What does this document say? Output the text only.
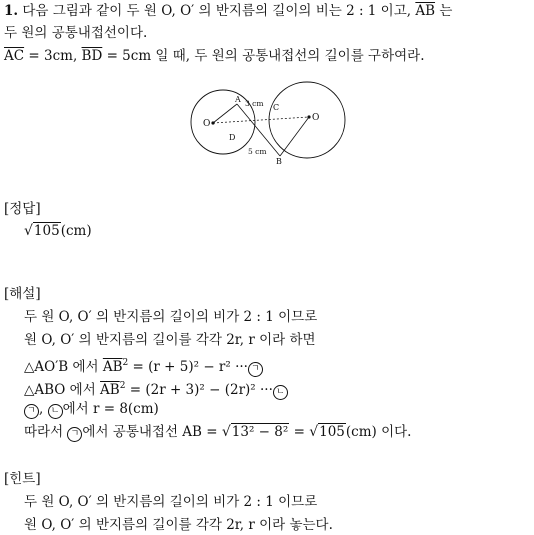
1. 다음 그림과 같이 두 원 O, O′ 의 반지름의 길이의 비는 2 : 1 이고, $\overline{AB}$ 는
두 원의 공통내접선이다.
$\overline{AC} = 3cm$, $\overline{BD} = 5cm$ 일 때, 두 원의 공통내접선의 길이를 구하여라.
O
O
A
B
C
D
3 cm
5 cm
[정답]
√105(cm)
[해설]
두 원 O, O′ 의 반지름의 길이의 비가 2 : 1 이므로
원 O, O′ 의 반지름의 길이를 각각 2r, r 이라 하면
△AO′B 에서 $\overline{AB}^2 = (r + 5)^2 - r^2$ ··· ㄱ
△ABO 에서 $\overline{AB}^2 = (2r + 3)^2 - (2r)^2$ ··· ㄴ
ㄱ , ㄴ 에서 r = 8(cm)
따라서 ㄱ 에서 공통내접선 AB = √13² − 8² = √105(cm) 이다.
[힌트]
두 원 O, O′ 의 반지름의 길이의 비가 2 : 1 이므로
원 O, O′ 의 반지름의 길이를 각각 2r, r 이라 놓는다.
